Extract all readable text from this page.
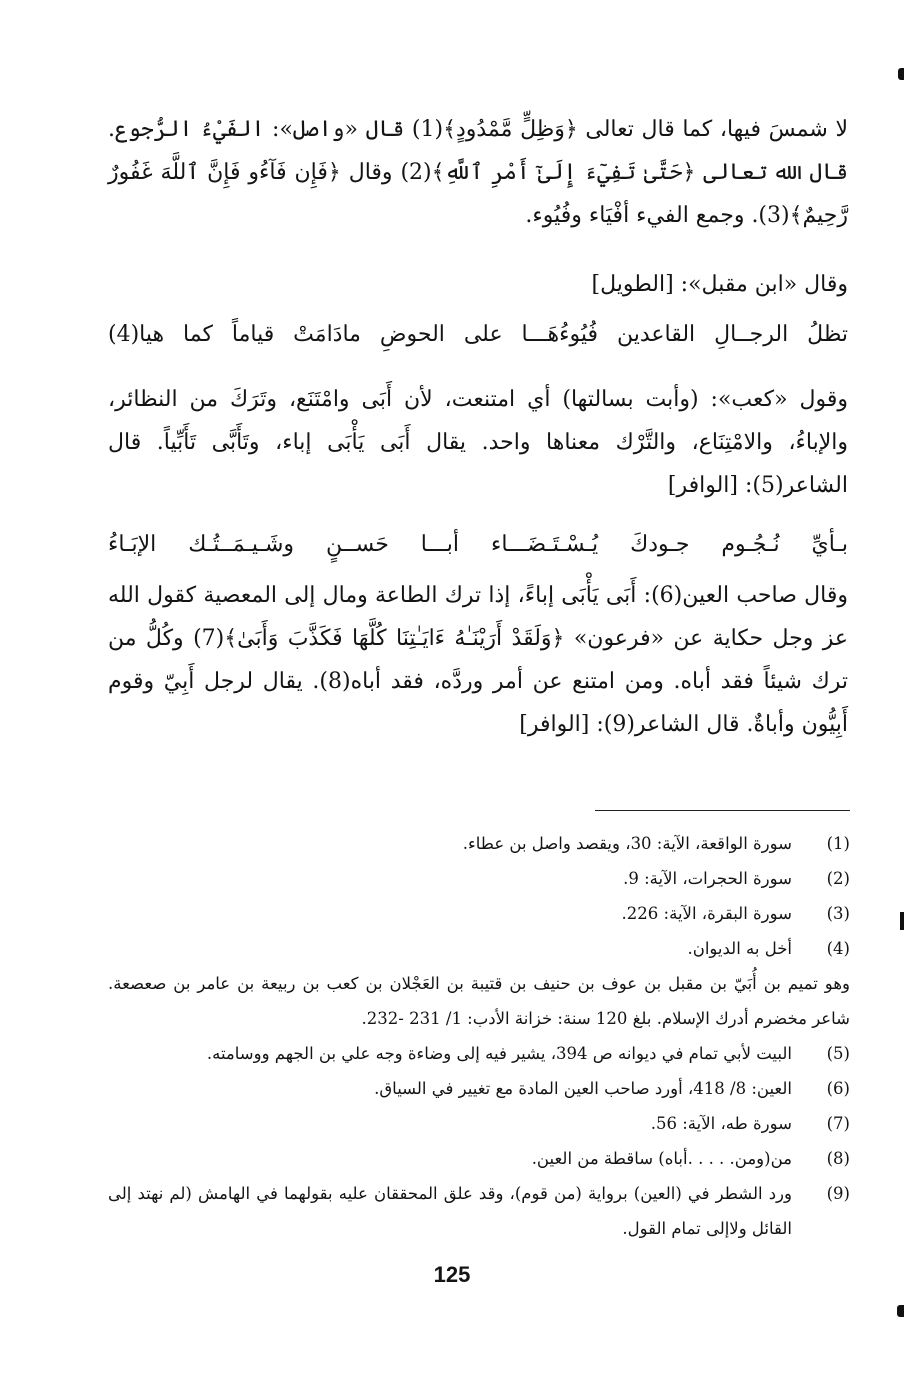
لا شمسَ فيها، كما قال تعالى ﴿وَظِلٍّ مَّمْدُودٍ﴾(1) قال «واصل»: الفَيْءُ الرُّجوع. قال الله تعالى ﴿حَتَّىٰ تَفِيٓءَ إِلَىٰٓ أَمْرِ ٱللَّهِ﴾(2) وقال ﴿فَإِن فَآءُو فَإِنَّ ٱللَّهَ غَفُورٌ رَّحِيمٌ﴾(3). وجمع الفيء أفْيَاء وفُيُوء.

وقال «ابن مقبل»: [الطويل]

تظلُ الرجــالِ القاعدين فُيُوءُهَـــا على الحوضِ مادَامَتْ قياماً كما هيا(4)

وقول «كعب»: (وأبت بسالتها) أي امتنعت، لأن أَبَى وامْتَنَع، وتَرَكَ من النظائر، والإباءُ، والامْتِنَاع، والتَّرْك معناها واحد. يقال أَبَى يَأْبَى إباء، وتَأَبَّى تَأَبِّياً. قال الشاعر(5): [الوافر]

بـأيِّ نُـجُـوم جـودكَ يُـسْـتَـضَـــاء أبـــا حَســنٍ وشَـيـمَــتُـك الإبَـاءُ

وقال صاحب العين(6): أَبَى يَأْبَى إباءً، إذا ترك الطاعة ومال إلى المعصية كقول الله عز وجل حكاية عن «فرعون» ﴿وَلَقَدْ أَرَيْنَـٰهُ ءَايَـٰتِنَا كُلَّهَا فَكَذَّبَ وَأَبَىٰ﴾(7) وكُلُّ من ترك شيئاً فقد أباه. ومن امتنع عن أمر وردَّه، فقد أباه(8). يقال لرجل أَبِيّ وقوم أَبِيُّون وأباةٌ. قال الشاعر(9): [الوافر]

(1)
سورة الواقعة، الآية: 30، ويقصد واصل بن عطاء.
(2)
سورة الحجرات، الآية: 9.
(3)
سورة البقرة، الآية: 226.
(4)
أخل به الديوان.
وهو تميم بن أُبَيّ بن مقبل بن عوف بن حنيف بن قتيبة بن العَجْلان بن كعب بن ربيعة بن عامر بن صعصعة. شاعر مخضرم أدرك الإسلام. بلغ 120 سنة: خزانة الأدب: 1/ 231 -232.
(5)
البيت لأبي تمام في ديوانه ص 394، يشير فيه إلى وضاءة وجه علي بن الجهم ووسامته.
(6)
العين: 8/ 418، أورد صاحب العين المادة مع تغيير في السياق.
(7)
سورة طه، الآية: 56.
(8)
من(ومن. . . . .أباه) ساقطة من العين.
(9)
ورد الشطر في (العين) برواية (من قوم)، وقد علق المحققان عليه بقولهما في الهامش (لم نهتد إلى القائل ولاإلى تمام القول.
125
